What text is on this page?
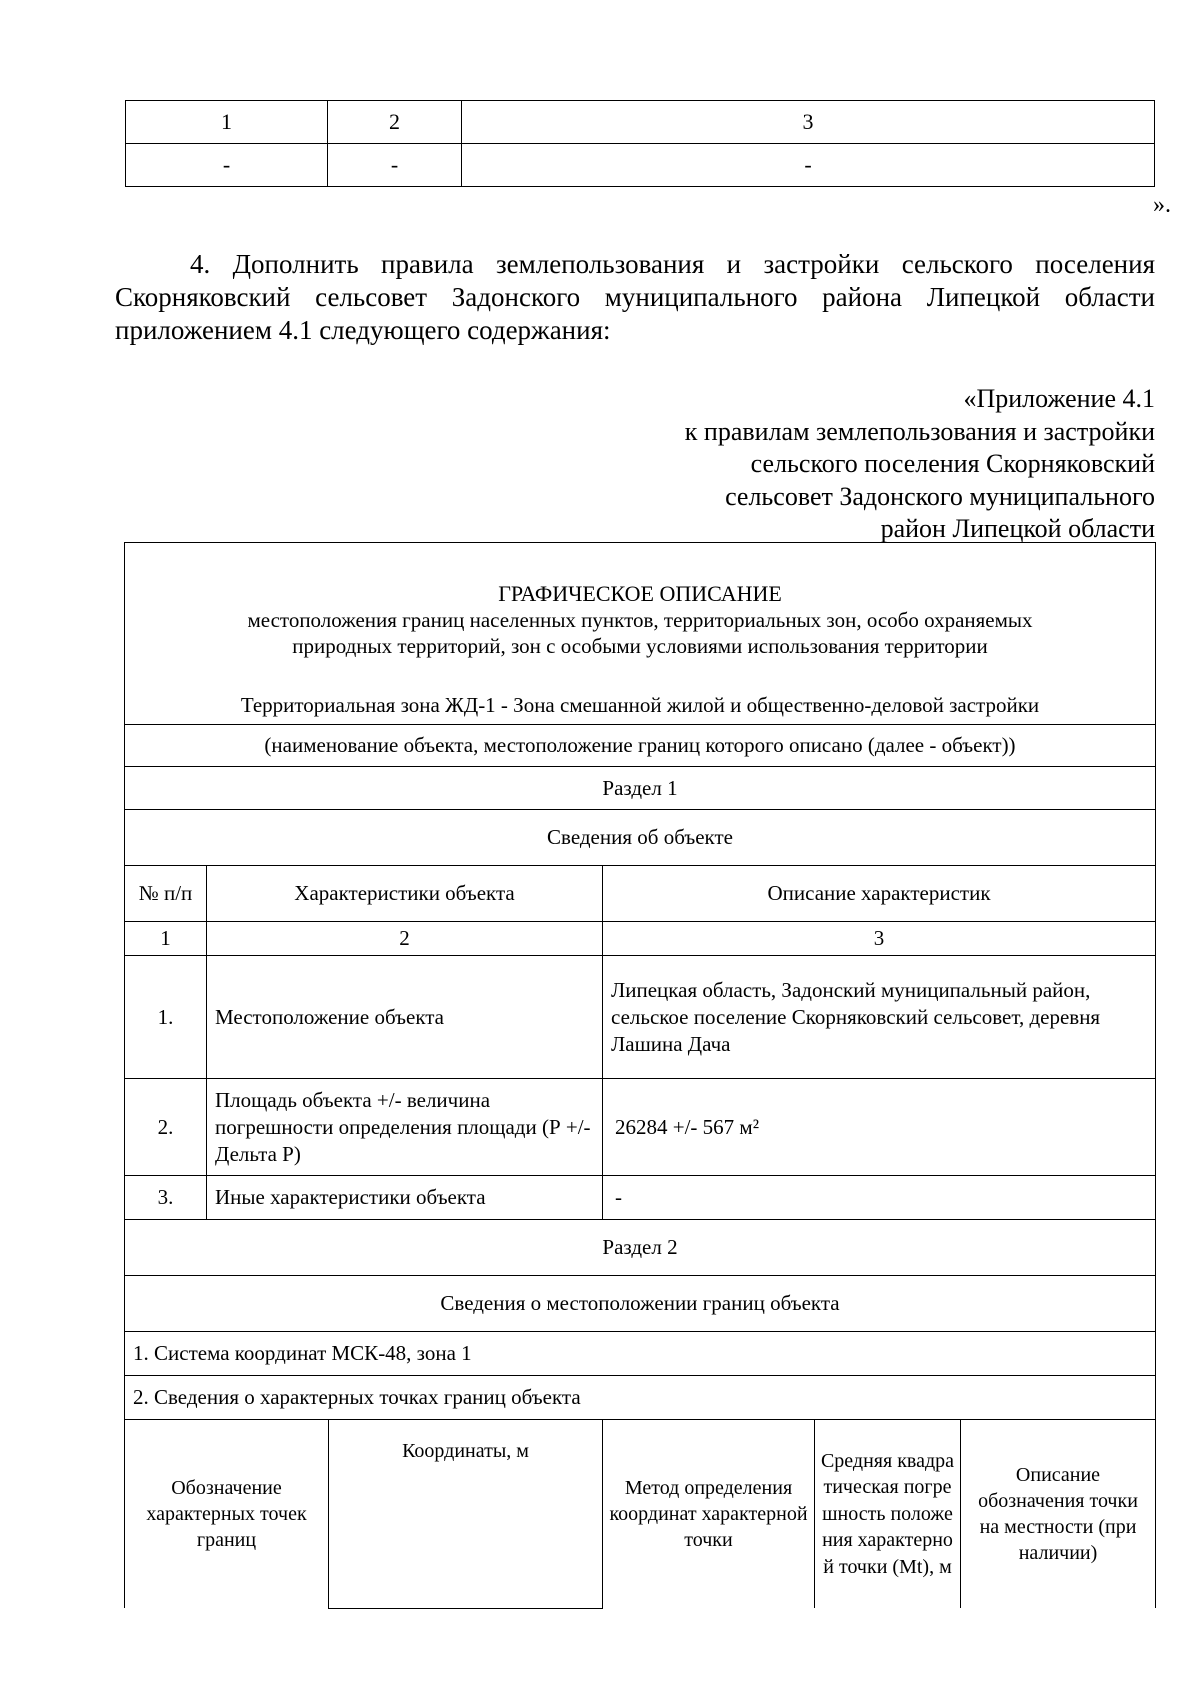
1	2	3
-	-	-
».

4. Дополнить правила землепользования и застройки сельского поселения Скорняковский сельсовет Задонского муниципального района Липецкой области приложением 4.1 следующего содержания:

«Приложение 4.1
к правилам землепользования и застройки
сельского поселения Скорняковский
сельсовет Задонского муниципального
район Липецкой области
ГРАФИЧЕСКОЕ ОПИСАНИЕ
местоположения границ населенных пунктов, территориальных зон, особо охраняемых
природных территорий, зон с особыми условиями использования территории
Территориальная зона ЖД-1 - Зона смешанной жилой и общественно-деловой застройки					

(наименование объекта, местоположение границ которого описано (далее - объект))					
Раздел 1					
Сведения об объекте					
№ п/п	Характеристики объекта		Описание характеристик		
1	2		3		
1.	Местоположение объекта		Липецкая область, Задонский муниципальный район, сельское поселение Скорняковский сельсовет, деревня Лашина Дача		
2.	Площадь объекта +/- величина погрешности определения площади (Р +/- Дельта Р)		26284 +/- 567 м²		
3.	Иные характеристики объекта		-		
Раздел 2					
Сведения о местоположении границ объекта					
1. Система координат МСК-48, зона 1					
2. Сведения о характерных точках границ объекта					
Обозначение характерных точек границ		Координаты, м	Метод определения координат характерной точки	Средняя квадратическая погрешность положения характерной точки (Mt), м	Описание обозначения точки на местности (при наличии)
